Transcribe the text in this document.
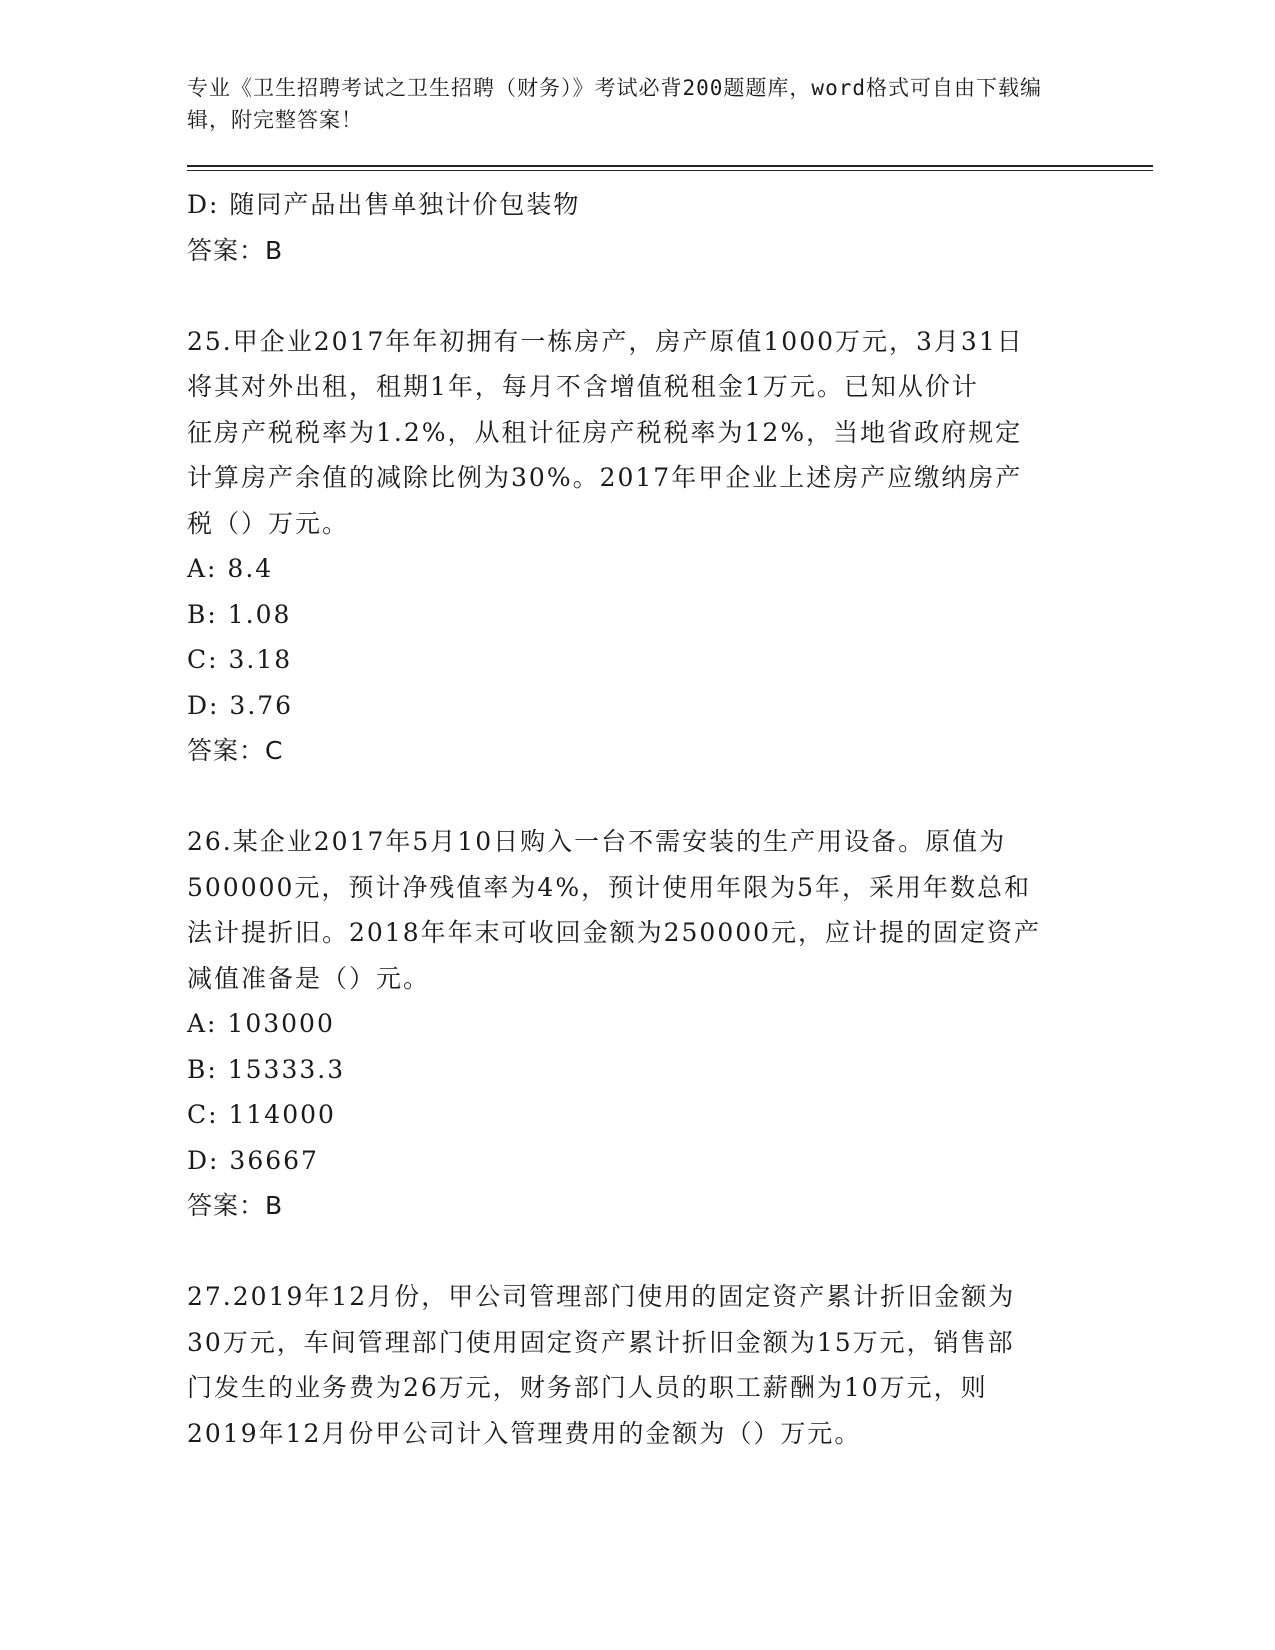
专业《卫生招聘考试之卫生招聘（财务）》考试必背200题题库，word格式可自由下载编辑，附完整答案！

D: 随同产品出售单独计价包装物
答案：B
25.甲企业2017年年初拥有一栋房产，房产原值1000万元，3月31日
将其对外出租，租期1年，每月不含增值税租金1万元。已知从价计
征房产税税率为1.2%，从租计征房产税税率为12%，当地省政府规定
计算房产余值的减除比例为30%。2017年甲企业上述房产应缴纳房产
税（）万元。
A: 8.4
B: 1.08
C: 3.18
D: 3.76
答案：C
26.某企业2017年5月10日购入一台不需安装的生产用设备。原值为
500000元，预计净残值率为4%，预计使用年限为5年，采用年数总和
法计提折旧。2018年年末可收回金额为250000元，应计提的固定资产
减值准备是（）元。
A: 103000
B: 15333.3
C: 114000
D: 36667
答案：B
27.2019年12月份，甲公司管理部门使用的固定资产累计折旧金额为
30万元，车间管理部门使用固定资产累计折旧金额为15万元，销售部
门发生的业务费为26万元，财务部门人员的职工薪酬为10万元，则
2019年12月份甲公司计入管理费用的金额为（）万元。
